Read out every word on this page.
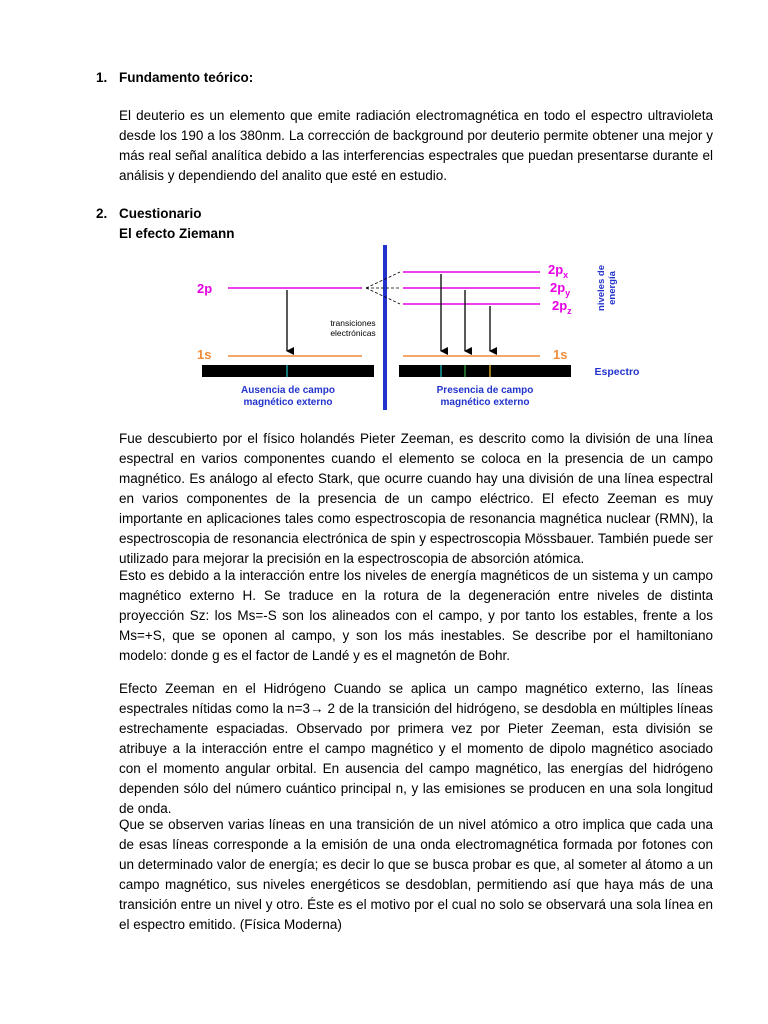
1. Fundamento teórico:
El deuterio es un elemento que emite radiación electromagnética en todo el espectro ultravioleta desde los 190 a los 380nm. La corrección de background por deuterio permite obtener una mejor y más real señal analítica debido a las interferencias espectrales que puedan presentarse durante el análisis y dependiendo del analito que esté en estudio.
2. Cuestionario
El efecto Ziemann
2p
1s
transiciones
electrónicas
$2p_x$
$2p_y$
$2p_z$
1s
niveles de energía
Espectro
Ausencia de campo
magnético externo
Presencia de campo
magnético externo
Fue descubierto por el físico holandés Pieter Zeeman, es descrito como la división de una línea espectral en varios componentes cuando el elemento se coloca en la presencia de un campo magnético. Es análogo al efecto Stark, que ocurre cuando hay una división de una línea espectral en varios componentes de la presencia de un campo eléctrico. El efecto Zeeman es muy importante en aplicaciones tales como espectroscopia de resonancia magnética nuclear (RMN), la espectroscopia de resonancia electrónica de spin y espectroscopia Mössbauer. También puede ser utilizado para mejorar la precisión en la espectroscopia de absorción atómica.
Esto es debido a la interacción entre los niveles de energía magnéticos de un sistema y un campo magnético externo H. Se traduce en la rotura de la degeneración entre niveles de distinta proyección Sz: los Ms=-S son los alineados con el campo, y por tanto los estables, frente a los Ms=+S, que se oponen al campo, y son los más inestables. Se describe por el hamiltoniano modelo: donde g es el factor de Landé y es el magnetón de Bohr.
Efecto Zeeman en el Hidrógeno Cuando se aplica un campo magnético externo, las líneas espectrales nítidas como la n=3→ 2 de la transición del hidrógeno, se desdobla en múltiples líneas estrechamente espaciadas. Observado por primera vez por Pieter Zeeman, esta división se atribuye a la interacción entre el campo magnético y el momento de dipolo magnético asociado con el momento angular orbital. En ausencia del campo magnético, las energías del hidrógeno dependen sólo del número cuántico principal n, y las emisiones se producen en una sola longitud de onda.
Que se observen varias líneas en una transición de un nivel atómico a otro implica que cada una de esas líneas corresponde a la emisión de una onda electromagnética formada por fotones con un determinado valor de energía; es decir lo que se busca probar es que, al someter al átomo a un campo magnético, sus niveles energéticos se desdoblan, permitiendo así que haya más de una transición entre un nivel y otro. Éste es el motivo por el cual no solo se observará una sola línea en el espectro emitido. (Física Moderna)
